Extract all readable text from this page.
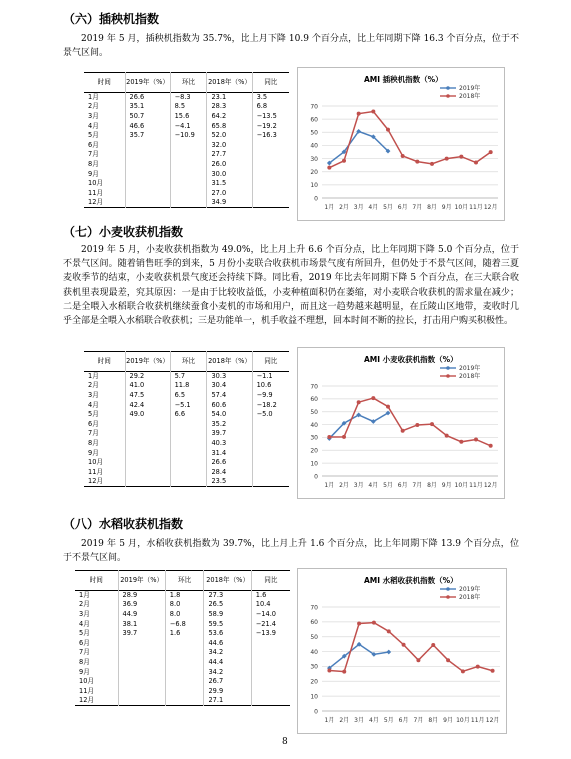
（六）插秧机指数
2019 年 5 月，插秧机指数为 35.7%，比上月下降 10.9 个百分点，比上年同期下降 16.3 个百分点，位于不景气区间。
时间	2019年（%）	环比	2018年（%）	同比
1月	26.6	−8.3	23.1	3.5
2月	35.1	8.5	28.3	6.8
3月	50.7	15.6	64.2	−13.5
4月	46.6	−4.1	65.8	−19.2
5月	35.7	−10.9	52.0	−16.3
6月			32.0	
7月			27.7	
8月			26.0	
9月			30.0	
10月			31.5	
11月			27.0	
12月			34.9	
AMI 插秧机指数（%）
0
10
20
30
40
50
60
70
1月 2月 3月 4月 5月 6月 7月 8月 9月 10月 11月 12月
2019年
2018年
（七）小麦收获机指数
2019 年 5 月，小麦收获机指数为 49.0%，比上月上升 6.6 个百分点，比上年同期下降 5.0 个百分点，位于不景气区间。随着销售旺季的到来，5 月份小麦联合收获机市场景气度有所回升，但仍处于不景气区间，随着三夏麦收季节的结束，小麦收获机景气度还会持续下降。同比看，2019 年比去年同期下降 5 个百分点，在三大联合收获机里表现最差，究其原因：一是由于比较收益低，小麦种植面积仍在萎缩，对小麦联合收获机的需求量在减少；二是全喂入水稻联合收获机继续蚕食小麦机的市场和用户，而且这一趋势越来越明显，在丘陵山区地带，麦收时几乎全部是全喂入水稻联合收获机；三是功能单一，机手收益不理想，回本时间不断的拉长，打击用户购买积极性。
时间	2019年（%）	环比	2018年（%）	同比
1月	29.2	5.7	30.3	−1.1
2月	41.0	11.8	30.4	10.6
3月	47.5	6.5	57.4	−9.9
4月	42.4	−5.1	60.6	−18.2
5月	49.0	6.6	54.0	−5.0
6月			35.2	
7月			39.7	
8月			40.3	
9月			31.4	
10月			26.6	
11月			28.4	
12月			23.5	
AMI 小麦收获机指数（%）
0
10
20
30
40
50
60
70
1月 2月 3月 4月 5月 6月 7月 8月 9月 10月 11月 12月
2019年
2018年
（八）水稻收获机指数
2019 年 5 月，水稻收获机指数为 39.7%，比上月上升 1.6 个百分点，比上年同期下降 13.9 个百分点，位于不景气区间。
时间	2019年（%）	环比	2018年（%）	同比
1月	28.9	1.8	27.3	1.6
2月	36.9	8.0	26.5	10.4
3月	44.9	8.0	58.9	−14.0
4月	38.1	−6.8	59.5	−21.4
5月	39.7	1.6	53.6	−13.9
6月			44.6	
7月			34.2	
8月			44.4	
9月			34.2	
10月			26.7	
11月			29.9	
12月			27.1	
AMI 水稻收获机指数（%）
0
10
20
30
40
50
60
70
1月 2月 3月 4月 5月 6月 7月 8月 9月 10月 11月 12月
2019年
2018年
8
